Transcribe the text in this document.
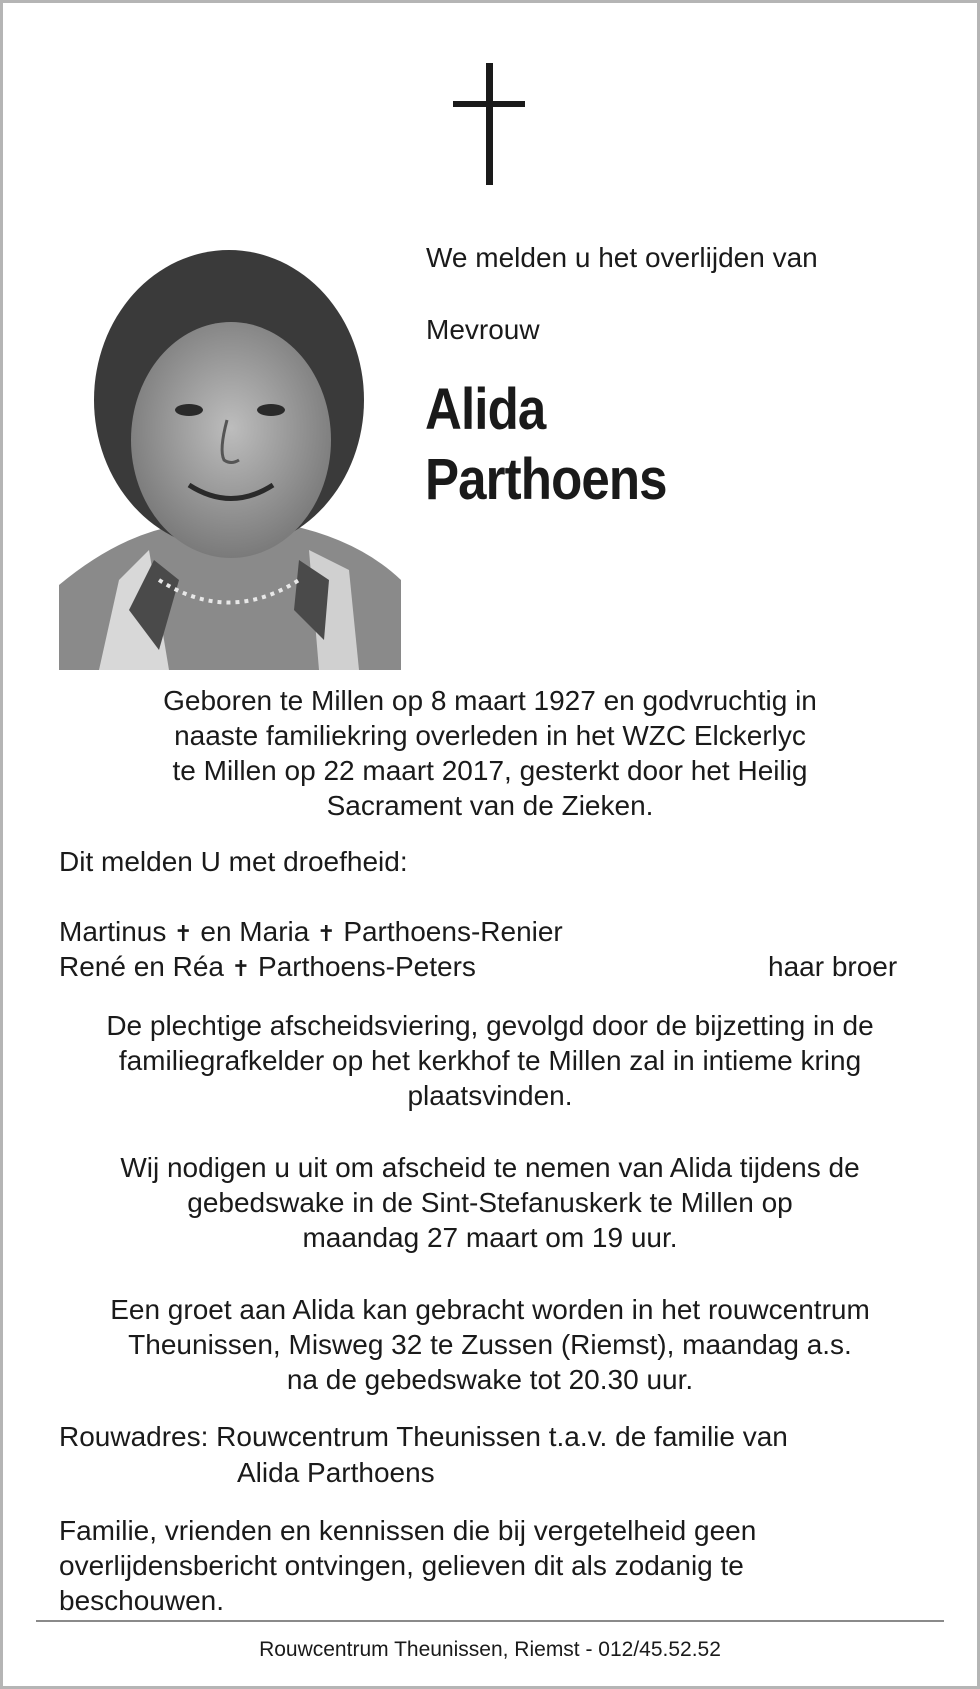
We melden u het overlijden van
Mevrouw
Alida
Parthoens
Geboren te Millen op 8 maart 1927 en godvruchtig in
naaste familiekring overleden in het WZC Elckerlyc
te Millen op 22 maart 2017, gesterkt door het Heilig
Sacrament van de Zieken.
Dit melden U met droefheid:
Martinus ✝ en Maria ✝ Parthoens-Renier
René en Réa ✝ Parthoens-Peters	haar broer
De plechtige afscheidsviering, gevolgd door de bijzetting in de
familiegrafkelder op het kerkhof te Millen zal in intieme kring
plaatsvinden.
Wij nodigen u uit om afscheid te nemen van Alida tijdens de
gebedswake in de Sint-Stefanuskerk te Millen op
maandag 27 maart om 19 uur.
Een groet aan Alida kan gebracht worden in het rouwcentrum
Theunissen, Misweg 32 te Zussen (Riemst), maandag a.s.
na de gebedswake tot 20.30 uur.
Rouwadres: Rouwcentrum Theunissen t.a.v. de familie van
Alida Parthoens
Familie, vrienden en kennissen die bij vergetelheid geen
overlijdensbericht ontvingen, gelieven dit als zodanig te
beschouwen.
Rouwcentrum Theunissen, Riemst - 012/45.52.52
